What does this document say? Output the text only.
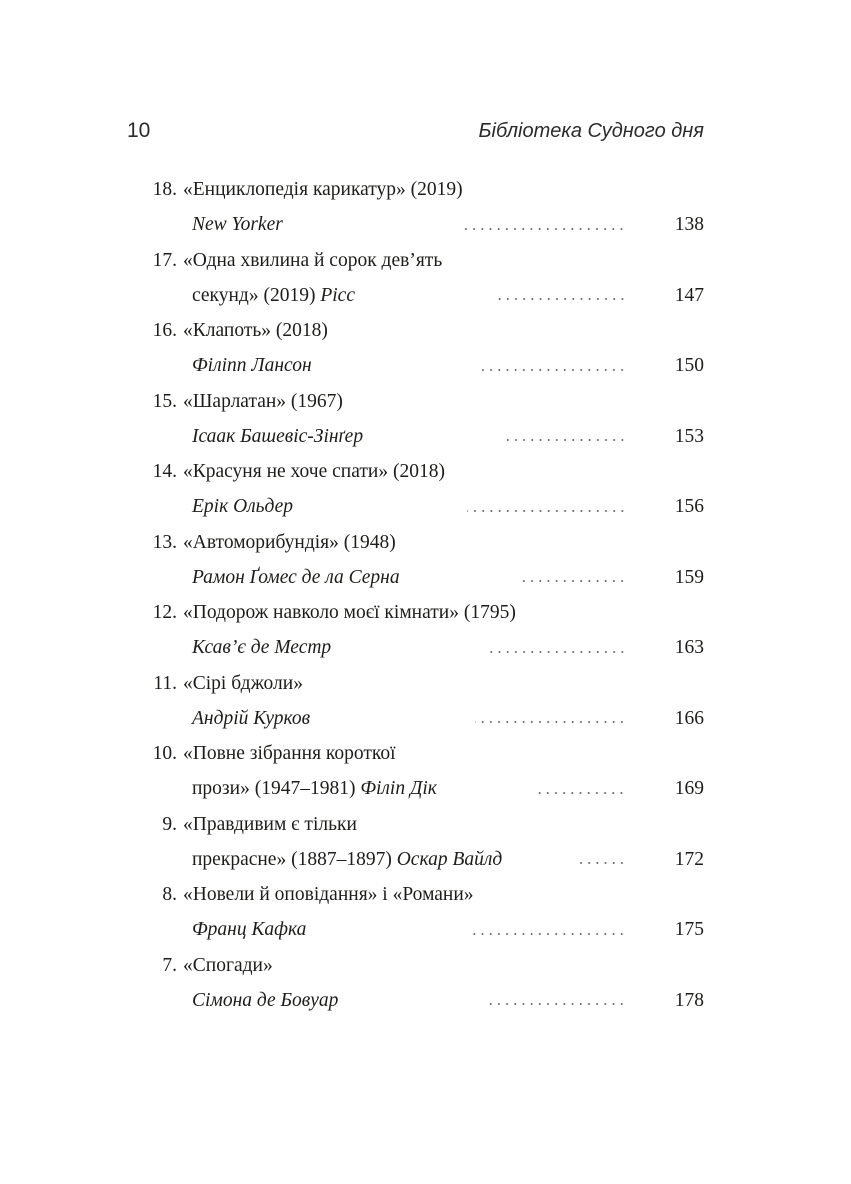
10	Бібліотека Судного дня
18. «Енциклопедія карикатур» (2019)
New Yorker	138
17. «Одна хвилина й сорок дев’ять
секунд» (2019) Рісс	147
16. «Клапоть» (2018)
Філіпп Лансон	150
15. «Шарлатан» (1967)
Ісаак Башевіс-Зінґер	153
14. «Красуня не хоче спати» (2018)
Ерік Ольдер	156
13. «Автоморибундія» (1948)
Рамон Ґомес де ла Серна	159
12. «Подорож навколо моєї кімнати» (1795)
Ксав’є де Местр	163
11. «Сірі бджоли»
Андрій Курков	166
10. «Повне зібрання короткої
прози» (1947–1981) Філіп Дік	169
9. «Правдивим є тільки
прекрасне» (1887–1897) Оскар Вайлд	172
8. «Новели й оповідання» і «Романи»
Франц Кафка	175
7. «Спогади»
Сімона де Бовуар	178
